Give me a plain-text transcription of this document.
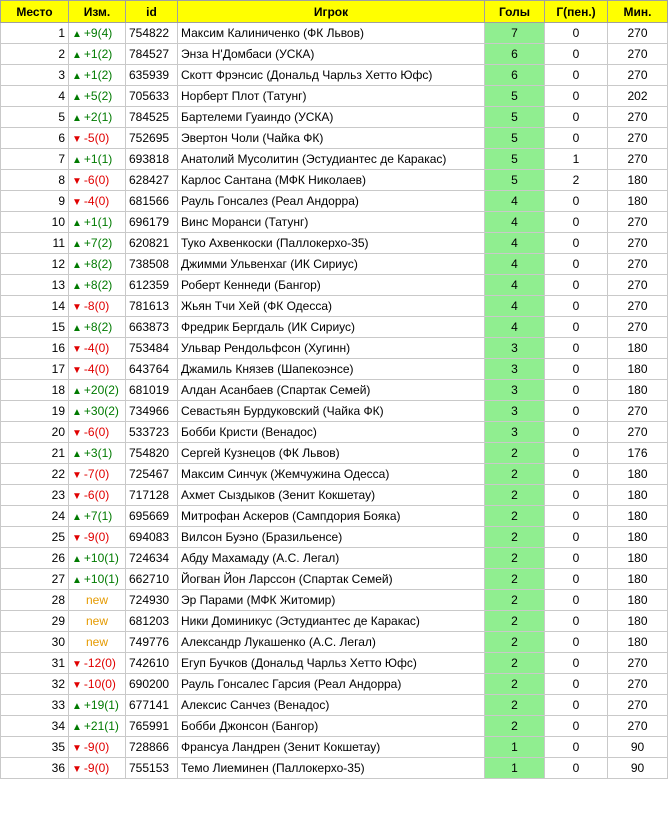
Место	Изм.	id	Игрок	Голы	Г(пен.)	Мин.
1	▲ +9(4)	754822	Максим Калиниченко (ФК Львов)	7	0	270
2	▲ +1(2)	784527	Энза Н'Домбаси (УСКА)	6	0	270
3	▲ +1(2)	635939	Скотт Фрэнсис (Дональд Чарльз Хетто Юфс)	6	0	270
4	▲ +5(2)	705633	Норберт Плот (Татунг)	5	0	202
5	▲ +2(1)	784525	Бартелеми Гуаиндо (УСКА)	5	0	270
6	▼ -5(0)	752695	Эвертон Чоли (Чайка ФК)	5	0	270
7	▲ +1(1)	693818	Анатолий Мусолитин (Эстудиантес де Каракас)	5	1	270
8	▼ -6(0)	628427	Карлос Сантана (МФК Николаев)	5	2	180
9	▼ -4(0)	681566	Рауль Гонсалез (Реал Андорра)	4	0	180
10	▲ +1(1)	696179	Винс Моранси (Татунг)	4	0	270
11	▲ +7(2)	620821	Туко Ахвенкоски (Паллокерхо-35)	4	0	270
12	▲ +8(2)	738508	Джимми Ульвенхаг (ИК Сириус)	4	0	270
13	▲ +8(2)	612359	Роберт Кеннеди (Бангор)	4	0	270
14	▼ -8(0)	781613	Жьян Тчи Хей (ФК Одесса)	4	0	270
15	▲ +8(2)	663873	Фредрик Бергдаль (ИК Сириус)	4	0	270
16	▼ -4(0)	753484	Ульвар Рендольфсон (Хугинн)	3	0	180
17	▼ -4(0)	643764	Джамиль Князев (Шапекоэнсе)	3	0	180
18	▲ +20(2)	681019	Алдан Асанбаев (Спартак Семей)	3	0	180
19	▲ +30(2)	734966	Севастьян Бурдуковский (Чайка ФК)	3	0	270
20	▼ -6(0)	533723	Бобби Кристи (Венадос)	3	0	270
21	▲ +3(1)	754820	Сергей Кузнецов (ФК Львов)	2	0	176
22	▼ -7(0)	725467	Максим Синчук (Жемчужина Одесса)	2	0	180
23	▼ -6(0)	717128	Ахмет Сыздыков (Зенит Кокшетау)	2	0	180
24	▲ +7(1)	695669	Митрофан Аскеров (Сампдория Бояка)	2	0	180
25	▼ -9(0)	694083	Вилсон Буэно (Бразильенсе)	2	0	180
26	▲ +10(1)	724634	Абду Махамаду (А.С. Легал)	2	0	180
27	▲ +10(1)	662710	Йогван Йон Ларссон (Спартак Семей)	2	0	180
28	new	724930	Эр Парами (МФК Житомир)	2	0	180
29	new	681203	Ники Доминикус (Эстудиантес де Каракас)	2	0	180
30	new	749776	Александр Лукашенко (А.С. Легал)	2	0	180
31	▼ -12(0)	742610	Егуп Бучков (Дональд Чарльз Хетто Юфс)	2	0	270
32	▼ -10(0)	690200	Рауль Гонсалес Гарсия (Реал Андорра)	2	0	270
33	▲ +19(1)	677141	Алексис Санчез (Венадос)	2	0	270
34	▲ +21(1)	765991	Бобби Джонсон (Бангор)	2	0	270
35	▼ -9(0)	728866	Франсуа Ландрен (Зенит Кокшетау)	1	0	90
36	▼ -9(0)	755153	Темо Лиеминен (Паллокерхо-35)	1	0	90
